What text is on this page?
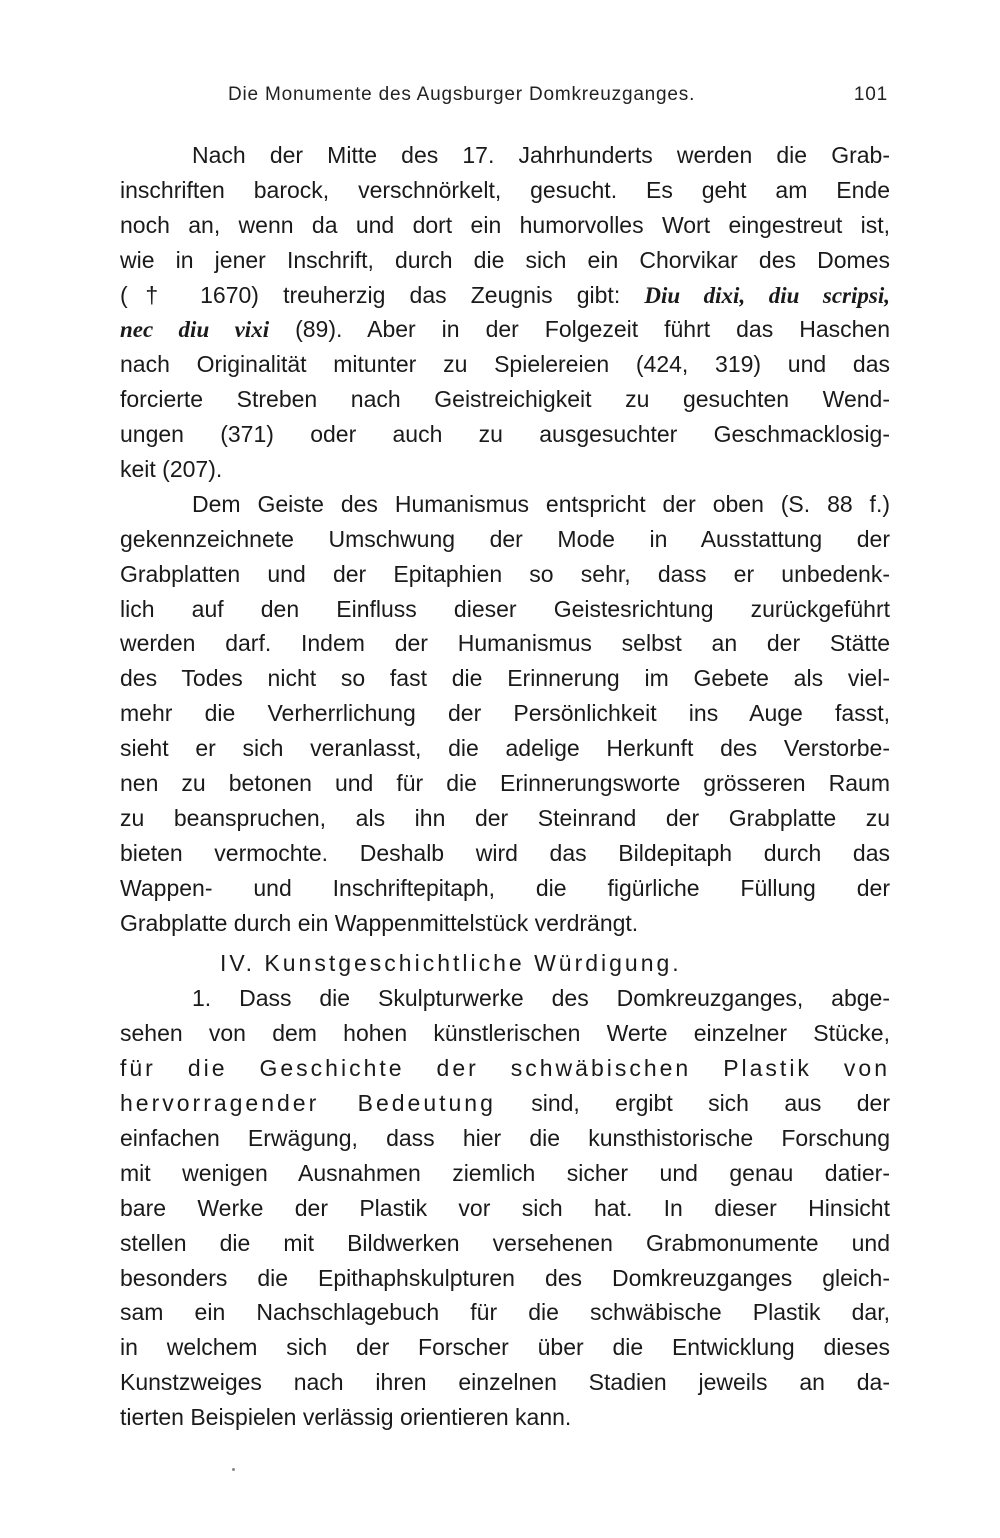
Die Monumente des Augsburger Domkreuzganges.	101
Nach der Mitte des 17. Jahrhunderts werden die Grab-
inschriften barock, verschnörkelt, gesucht. Es geht am Ende
noch an, wenn da und dort ein humorvolles Wort eingestreut ist,
wie in jener Inschrift, durch die sich ein Chorvikar des Domes
(† 1670) treuherzig das Zeugnis gibt: Diu dixi, diu scripsi,
nec diu vixi (89). Aber in der Folgezeit führt das Haschen
nach Originalität mitunter zu Spielereien (424, 319) und das
forcierte Streben nach Geistreichigkeit zu gesuchten Wend-
ungen (371) oder auch zu ausgesuchter Geschmacklosig-
keit (207).
Dem Geiste des Humanismus entspricht der oben (S. 88 f.)
gekennzeichnete Umschwung der Mode in Ausstattung der
Grabplatten und der Epitaphien so sehr, dass er unbedenk-
lich auf den Einfluss dieser Geistesrichtung zurückgeführt
werden darf. Indem der Humanismus selbst an der Stätte
des Todes nicht so fast die Erinnerung im Gebete als viel-
mehr die Verherrlichung der Persönlichkeit ins Auge fasst,
sieht er sich veranlasst, die adelige Herkunft des Verstorbe-
nen zu betonen und für die Erinnerungsworte grösseren Raum
zu beanspruchen, als ihn der Steinrand der Grabplatte zu
bieten vermochte. Deshalb wird das Bildepitaph durch das
Wappen- und Inschriftepitaph, die figürliche Füllung der
Grabplatte durch ein Wappenmittelstück verdrängt.
IV. Kunstgeschichtliche Würdigung.
1. Dass die Skulpturwerke des Domkreuzganges, abge-
sehen von dem hohen künstlerischen Werte einzelner Stücke,
für die Geschichte der schwäbischen Plastik von
hervorragender Bedeutung sind, ergibt sich aus der
einfachen Erwägung, dass hier die kunsthistorische Forschung
mit wenigen Ausnahmen ziemlich sicher und genau datier-
bare Werke der Plastik vor sich hat. In dieser Hinsicht
stellen die mit Bildwerken versehenen Grabmonumente und
besonders die Epithaphskulpturen des Domkreuzganges gleich-
sam ein Nachschlagebuch für die schwäbische Plastik dar,
in welchem sich der Forscher über die Entwicklung dieses
Kunstzweiges nach ihren einzelnen Stadien jeweils an da-
tierten Beispielen verlässig orientieren kann.
